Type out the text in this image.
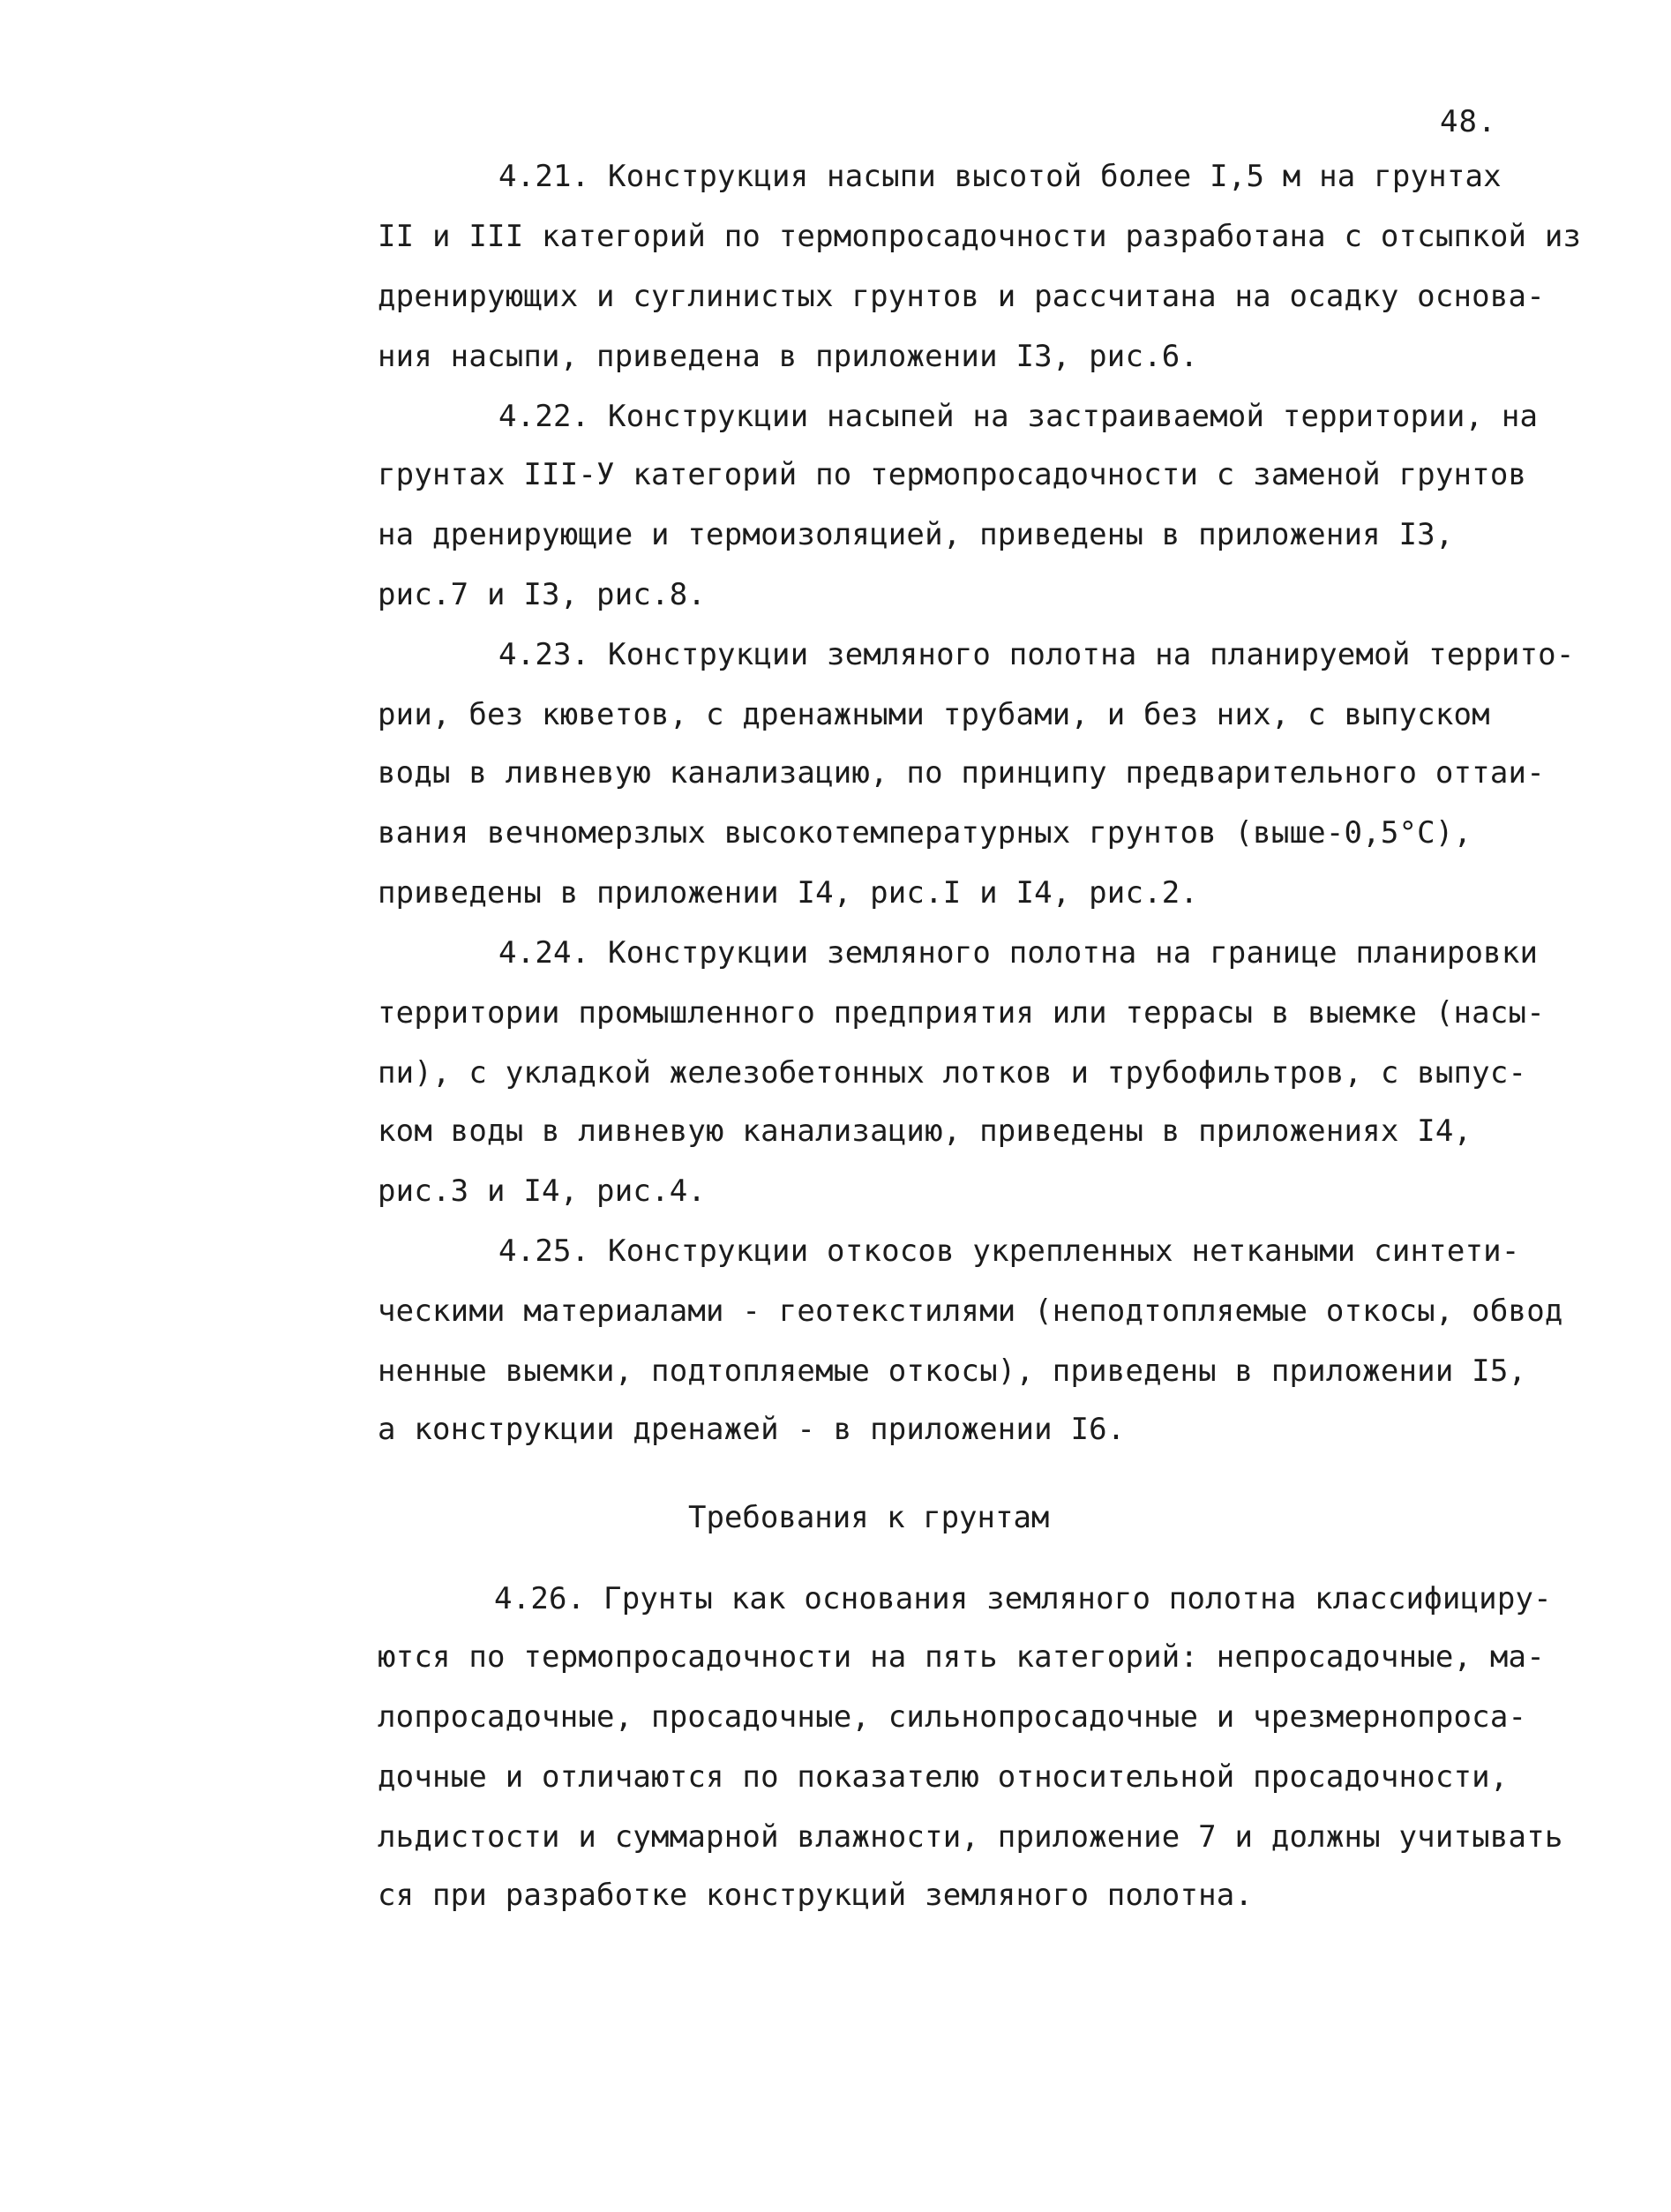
48.
4.21. Конструкция насыпи высотой более I,5 м на грунтах
II и III категорий по термопросадочности разработана с отсыпкой из
дренирующих и суглинистых грунтов и рассчитана на осадку основа-
ния насыпи, приведена в приложении I3, рис.6.
4.22. Конструкции насыпей на застраиваемой территории, на
грунтах III-У категорий по термопросадочности с заменой грунтов
на дренирующие и термоизоляцией, приведены в приложения I3,
рис.7 и I3, рис.8.
4.23. Конструкции земляного полотна на планируемой террито-
рии, без кюветов, с дренажными трубами, и без них, с выпуском
воды в ливневую канализацию, по принципу предварительного оттаи-
вания вечномерзлых высокотемпературных грунтов (выше-0,5°С),
приведены в приложении I4, рис.I и I4, рис.2.
4.24. Конструкции земляного полотна на границе планировки
территории промышленного предприятия или террасы в выемке (насы-
пи), с укладкой железобетонных лотков и трубофильтров, с выпус-
ком воды в ливневую канализацию, приведены в приложениях I4,
рис.3 и I4, рис.4.
4.25. Конструкции откосов укрепленных неткаными синтети-
ческими материалами - геотекстилями (неподтопляемые откосы, обвод
ненные выемки, подтопляемые откосы), приведены в приложении I5,
а конструкции дренажей - в приложении I6.
Требования к грунтам
4.26. Грунты как основания земляного полотна классифициру-
ются по термопросадочности на пять категорий: непросадочные, ма-
лопросадочные, просадочные, сильнопросадочные и чрезмернопроса-
дочные и отличаются по показателю относительной просадочности,
льдистости и суммарной влажности, приложение 7 и должны учитывать
ся при разработке конструкций земляного полотна.
